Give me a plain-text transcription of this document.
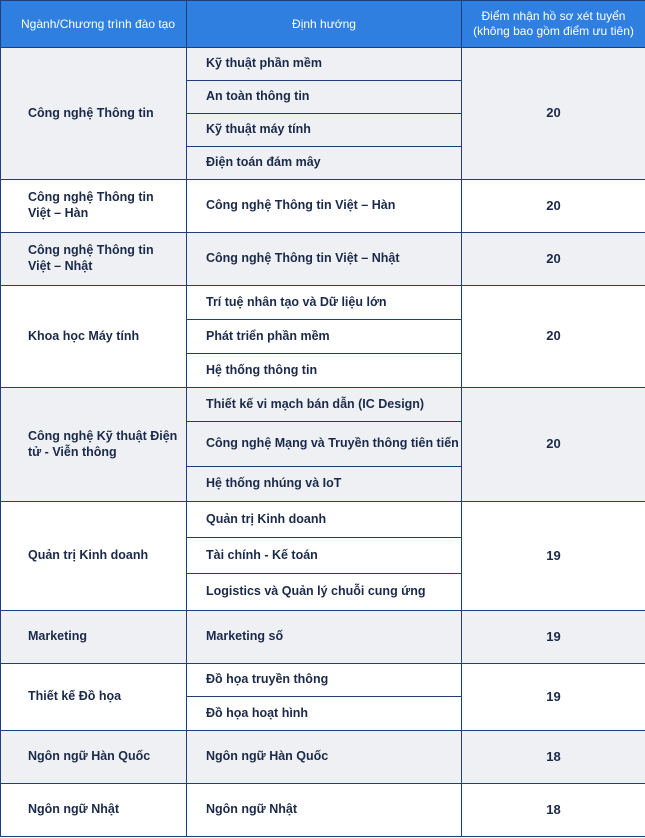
Ngành/Chương trình đào tạo	Định hướng	Điểm nhận hồ sơ xét tuyển
(không bao gồm điểm ưu tiên)
Công nghệ Thông tin	Kỹ thuật phần mềm	20
	An toàn thông tin	
	Kỹ thuật máy tính	
	Điện toán đám mây	
Công nghệ Thông tin Việt – Hàn	Công nghệ Thông tin Việt – Hàn	20
Công nghệ Thông tin Việt – Nhật	Công nghệ Thông tin Việt – Nhật	20
Khoa học Máy tính	Trí tuệ nhân tạo và Dữ liệu lớn	20
	Phát triển phần mềm	
	Hệ thống thông tin	
Công nghệ Kỹ thuật Điện tử - Viễn thông	Thiết kế vi mạch bán dẫn (IC Design)	20
	Công nghệ Mạng và Truyền thông tiên tiến	
	Hệ thống nhúng và IoT	
Quản trị Kinh doanh	Quản trị Kinh doanh	19
	Tài chính - Kế toán	
	Logistics và Quản lý chuỗi cung ứng	
Marketing	Marketing số	19
Thiết kế Đồ họa	Đồ họa truyền thông	19
	Đồ họa hoạt hình	
Ngôn ngữ Hàn Quốc	Ngôn ngữ Hàn Quốc	18
Ngôn ngữ Nhật	Ngôn ngữ Nhật	18
